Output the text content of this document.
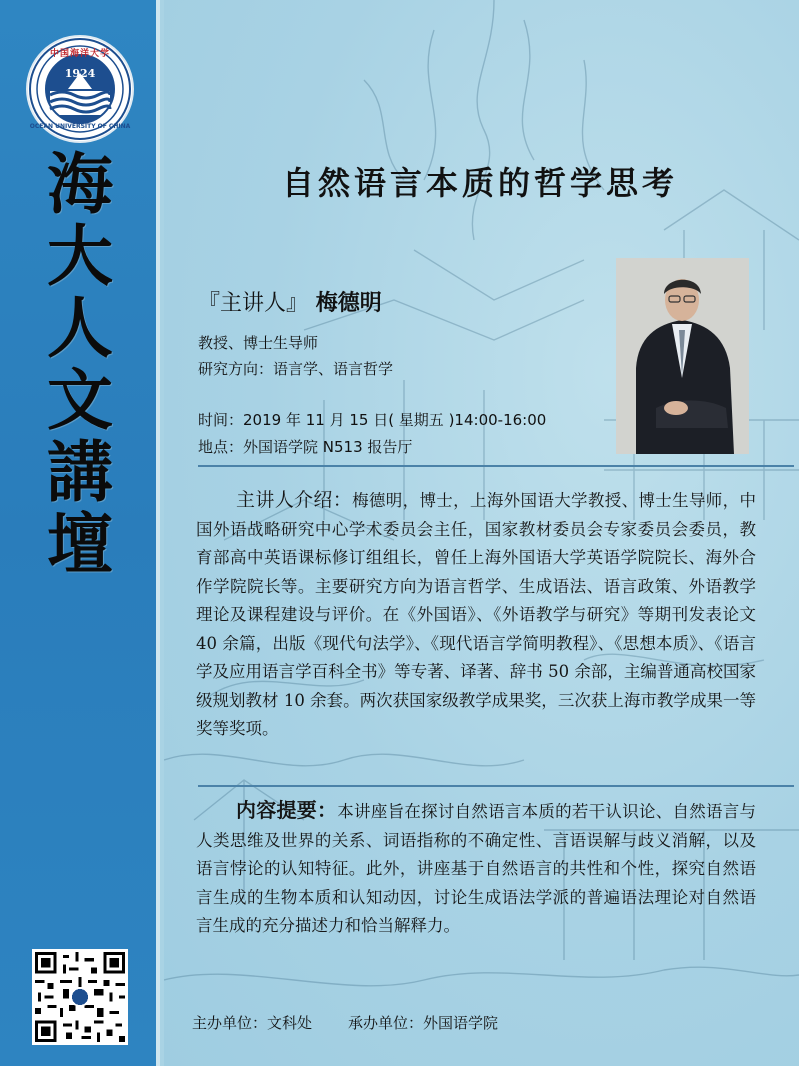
1924
中国海洋大学
OCEAN UNIVERSITY OF CHINA
海
大
人
文
講
壇
自然语言本质的哲学思考
『主讲人』 梅德明
教授、博士生导师
研究方向：语言学、语言哲学
时间：2019 年 11 月 15 日( 星期五 )14:00-16:00
地点：外国语学院 N513 报告厅
主讲人介绍：梅德明，博士，上海外国语大学教授、博士生导师，中国外语战略研究中心学术委员会主任，国家教材委员会专家委员会委员，教育部高中英语课标修订组组长，曾任上海外国语大学英语学院院长、海外合作学院院长等。主要研究方向为语言哲学、生成语法、语言政策、外语教学理论及课程建设与评价。在《外国语》、《外语教学与研究》等期刊发表论文 40 余篇，出版《现代句法学》、《现代语言学简明教程》、《思想本质》、《语言学及应用语言学百科全书》等专著、译著、辞书 50 余部，主编普通高校国家级规划教材 10 余套。两次获国家级教学成果奖，三次获上海市教学成果一等奖等奖项。
内容提要：本讲座旨在探讨自然语言本质的若干认识论、自然语言与人类思维及世界的关系、词语指称的不确定性、言语误解与歧义消解，以及语言悖论的认知特征。此外，讲座基于自然语言的共性和个性，探究自然语言生成的生物本质和认知动因，讨论生成语法学派的普遍语法理论对自然语言生成的充分描述力和恰当解释力。
主办单位：文科处 承办单位：外国语学院
